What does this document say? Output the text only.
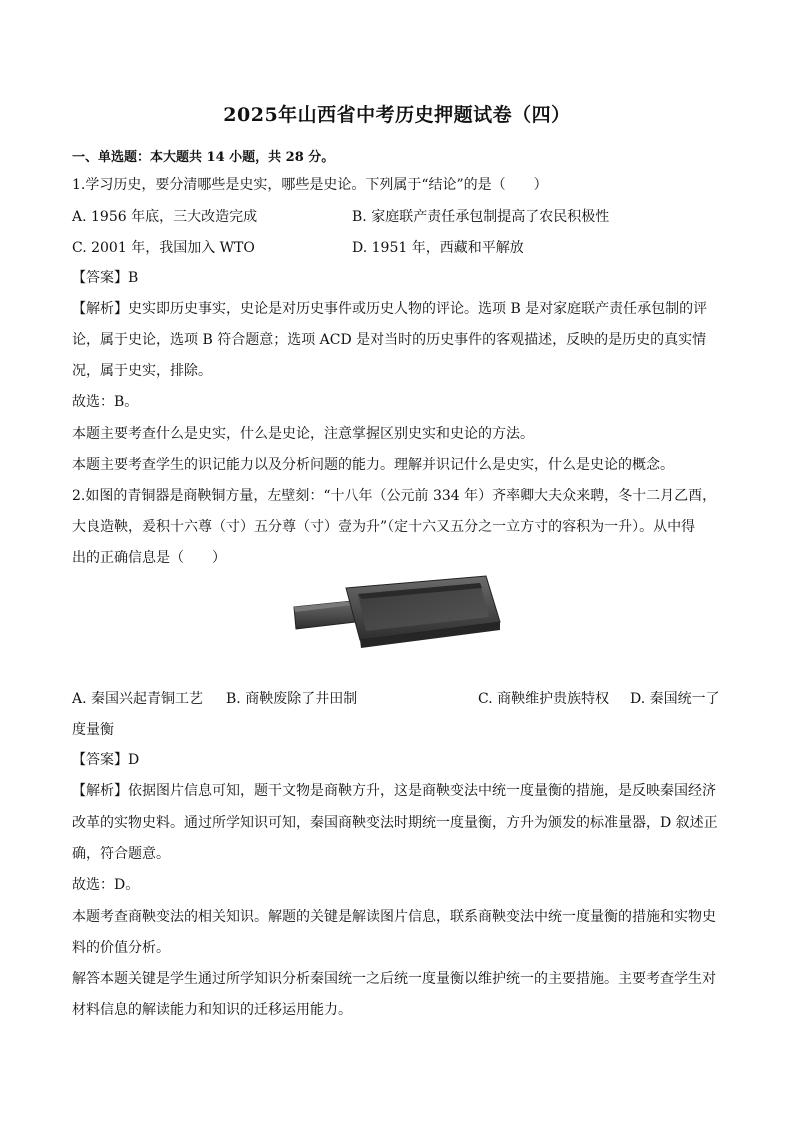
2025年山西省中考历史押题试卷（四）
一、单选题：本大题共 14 小题，共 28 分。
1.学习历史，要分清哪些是史实，哪些是史论。下列属于“结论”的是（　　）
A. 1956 年底，三大改造完成	B. 家庭联产责任承包制提高了农民积极性
C. 2001 年，我国加入 WTO	D. 1951 年，西藏和平解放
【答案】B
【解析】史实即历史事实，史论是对历史事件或历史人物的评论。选项 B 是对家庭联产责任承包制的评
论，属于史论，选项 B 符合题意；选项 ACD 是对当时的历史事件的客观描述，反映的是历史的真实情
况，属于史实，排除。
故选：B。
本题主要考查什么是史实，什么是史论，注意掌握区别史实和史论的方法。
本题主要考查学生的识记能力以及分析问题的能力。理解并识记什么是史实，什么是史论的概念。
2.如图的青铜器是商鞅铜方量，左壁刻：“十八年（公元前 334 年）齐率卿大夫众来聘，冬十二月乙酉，
大良造鞅，爰积十六尊（寸）五分尊（寸）壹为升”（定十六又五分之一立方寸的容积为一升）。从中得
出的正确信息是（　　）
A. 秦国兴起青铜工艺 B. 商鞅废除了井田制	C. 商鞅维护贵族特权 D. 秦国统一了
度量衡
【答案】D
【解析】依据图片信息可知，题干文物是商鞅方升，这是商鞅变法中统一度量衡的措施，是反映秦国经济
改革的实物史料。通过所学知识可知，秦国商鞅变法时期统一度量衡，方升为颁发的标准量器，D 叙述正
确，符合题意。
故选：D。
本题考查商鞅变法的相关知识。解题的关键是解读图片信息，联系商鞅变法中统一度量衡的措施和实物史
料的价值分析。
解答本题关键是学生通过所学知识分析秦国统一之后统一度量衡以维护统一的主要措施。主要考查学生对
材料信息的解读能力和知识的迁移运用能力。
